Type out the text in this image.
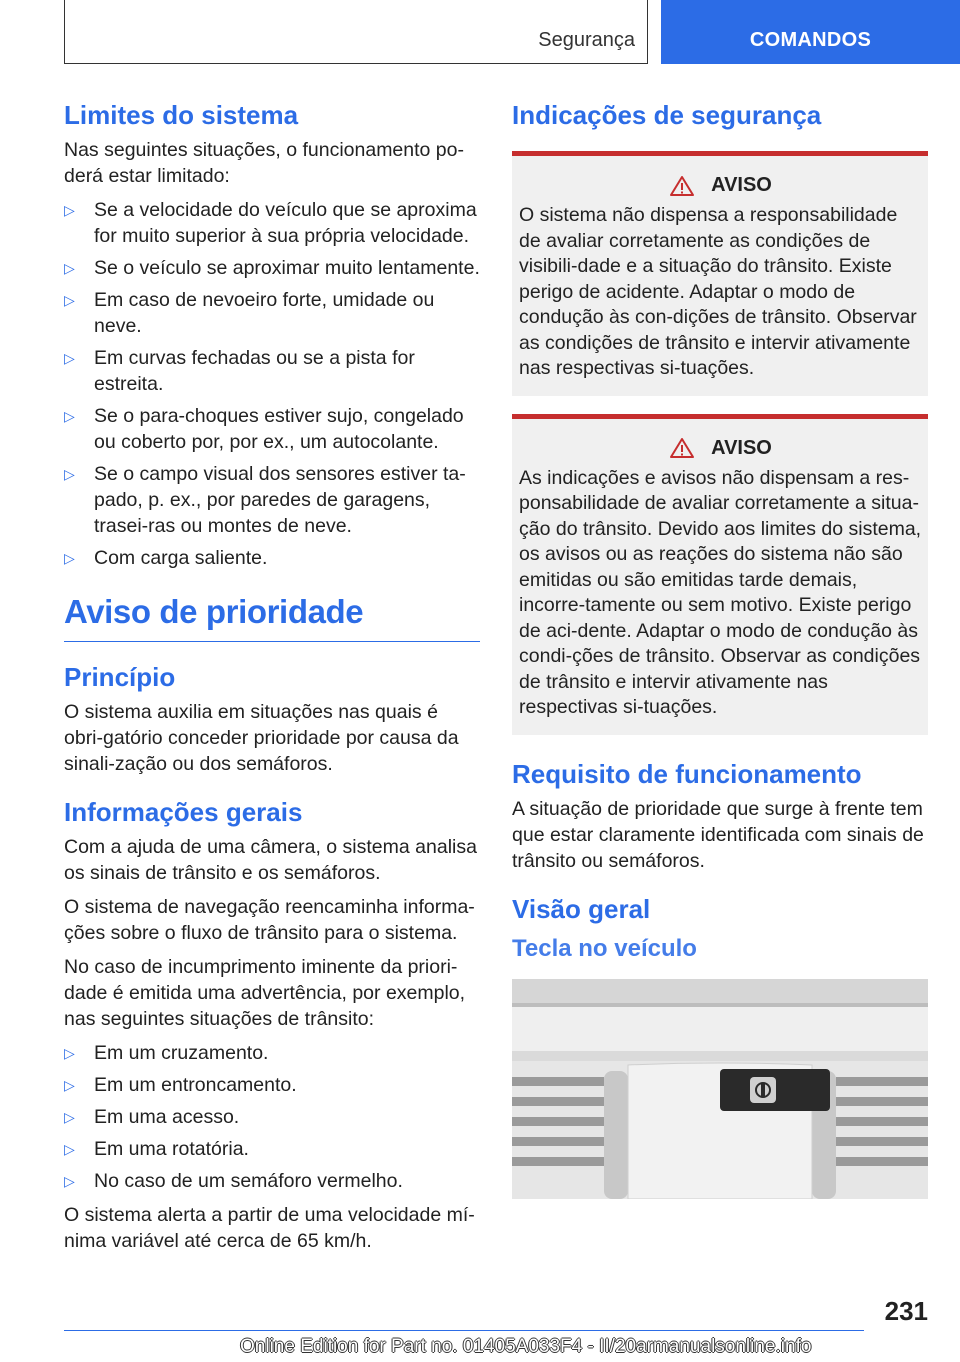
Segurança	COMANDOS
Limites do sistema

Nas seguintes situações, o funcionamento po-derá estar limitado:

▷ Se a velocidade do veículo que se aproxima for muito superior à sua própria velocidade.
▷ Se o veículo se aproximar muito lentamente.
▷ Em caso de nevoeiro forte, umidade ou neve.
▷ Em curvas fechadas ou se a pista for estreita.
▷ Se o para-choques estiver sujo, congelado ou coberto por, por ex., um autocolante.
▷ Se o campo visual dos sensores estiver ta-pado, p. ex., por paredes de garagens, trasei-ras ou montes de neve.
▷ Com carga saliente.
Aviso de prioridade
Princípio

O sistema auxilia em situações nas quais é obri-gatório conceder prioridade por causa da sinali-zação ou dos semáforos.

Informações gerais

Com a ajuda de uma câmera, o sistema analisa os sinais de trânsito e os semáforos.

O sistema de navegação reencaminha informa-ções sobre o fluxo de trânsito para o sistema.

No caso de incumprimento iminente da priori-dade é emitida uma advertência, por exemplo, nas seguintes situações de trânsito:

▷ Em um cruzamento.
▷ Em um entroncamento.
▷ Em uma acesso.
▷ Em uma rotatória.
▷ No caso de um semáforo vermelho.

O sistema alerta a partir de uma velocidade mí-nima variável até cerca de 65 km/h.

Indicações de segurança
AVISO

O sistema não dispensa a responsabilidade de avaliar corretamente as condições de visibili-dade e a situação do trânsito. Existe perigo de acidente. Adaptar o modo de condução às con-dições de trânsito. Observar as condições de trânsito e intervir ativamente nas respectivas si-tuações.

AVISO

As indicações e avisos não dispensam a res-ponsabilidade de avaliar corretamente a situa-ção do trânsito. Devido aos limites do sistema, os avisos ou as reações do sistema não são emitidas ou são emitidas tarde demais, incorre-tamente ou sem motivo. Existe perigo de aci-dente. Adaptar o modo de condução às condi-ções de trânsito. Observar as condições de trânsito e intervir ativamente nas respectivas si-tuações.

Requisito de funcionamento

A situação de prioridade que surge à frente tem que estar claramente identificada com sinais de trânsito ou semáforos.

Visão geral
Tecla no veículo
231
Online Edition for Part no. 01405A033F4 - II/20armanualsonline.info
